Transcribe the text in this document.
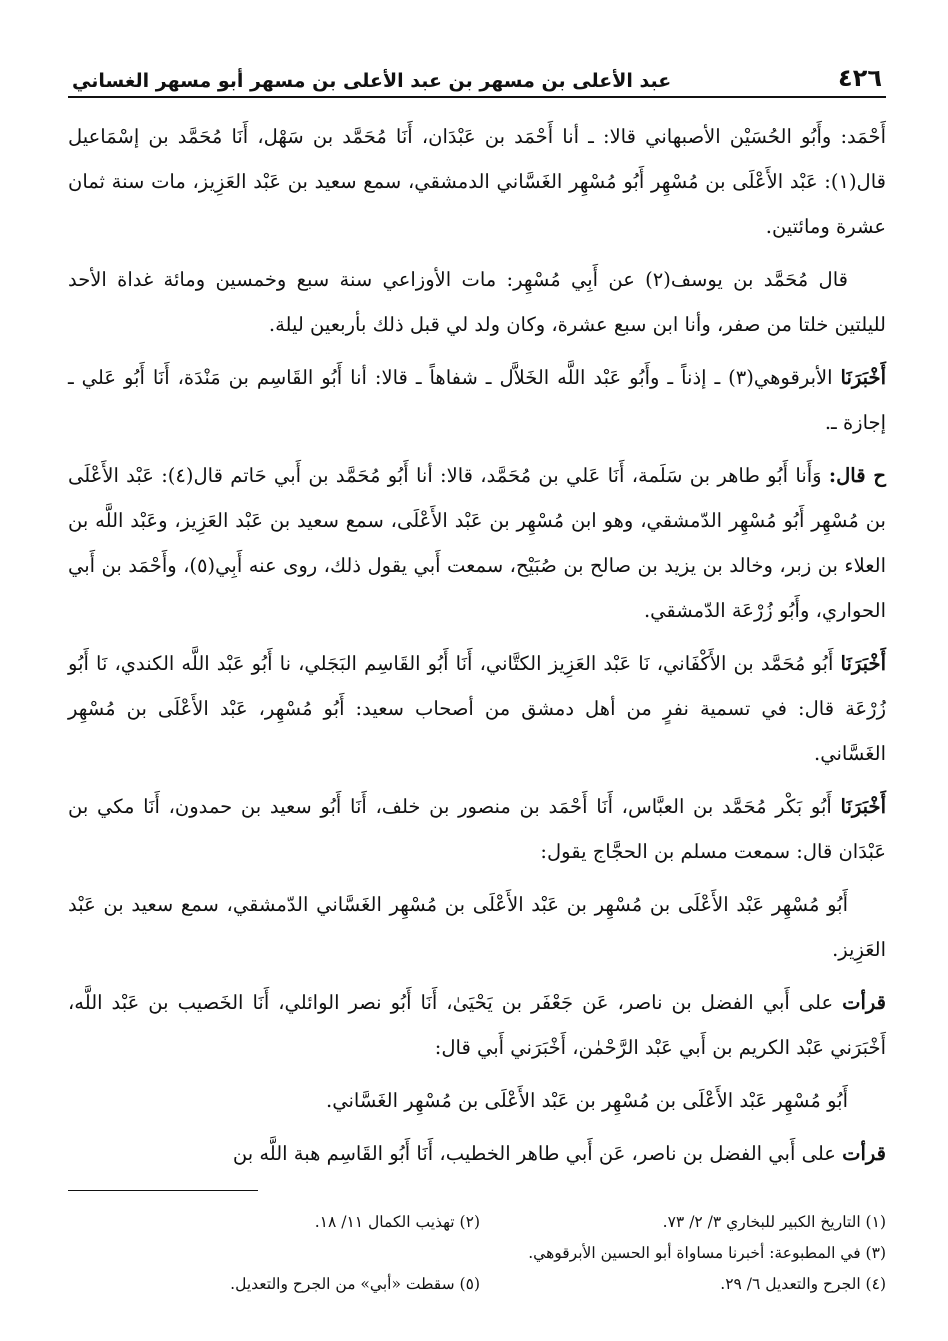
٤٢٦
عبد الأعلى بن مسهر بن عبد الأعلى بن مسهر أبو مسهر الغساني

أَحْمَد: وأَبُو الحُسَيْن الأصبهاني قالا: ـ أنا أَحْمَد بن عَبْدَان، أَنَا مُحَمَّد بن سَهْل، أَنَا مُحَمَّد بن إسْمَاعيل قال(١): عَبْد الأَعْلَى بن مُسْهِر أَبُو مُسْهِر الغَسَّاني الدمشقي، سمع سعيد بن عَبْد العَزِيز، مات سنة ثمان عشرة ومائتين.

قال مُحَمَّد بن يوسف(٢) عن أَبِي مُسْهِر: مات الأوزاعي سنة سبع وخمسين ومائة غداة الأحد لليلتين خلتا من صفر، وأنا ابن سبع عشرة، وكان ولد لي قبل ذلك بأربعين ليلة.

أَخْبَرَنَا الأبرقوهي(٣) ـ إذناً ـ وأَبُو عَبْد اللَّه الخَلاَّل ـ شفاهاً ـ قالا: أنا أَبُو القَاسِم بن مَنْدَة، أَنَا أَبُو عَلي ـ إجازة ـ.

ح قال: وَأَنا أَبُو طاهر بن سَلَمة، أَنَا عَلي بن مُحَمَّد، قالا: أنا أَبُو مُحَمَّد بن أَبي حَاتم قال(٤): عَبْد الأَعْلَى بن مُسْهِر أَبُو مُسْهِر الدّمشقي، وهو ابن مُسْهِر بن عَبْد الأَعْلَى، سمع سعيد بن عَبْد العَزِيز، وعَبْد اللَّه بن العلاء بن زبر، وخالد بن يزيد بن صالح بن صُبَيْح، سمعت أَبي يقول ذلك، روى عنه أَبِي(٥)، وأَحْمَد بن أَبي الحواري، وأَبُو زُرْعَة الدّمشقي.

أَخْبَرَنَا أَبُو مُحَمَّد بن الأَكْفَاني، نَا عَبْد العَزِيز الكتَّاني، أَنَا أَبُو القَاسِم البَجَلي، نا أَبُو عَبْد اللَّه الكندي، نَا أَبُو زُرْعَة قال: في تسمية نفرٍ من أهل دمشق من أصحاب سعيد: أَبُو مُسْهِر، عَبْد الأَعْلَى بن مُسْهِر الغَسَّاني.

أَخْبَرَنَا أَبُو بَكْر مُحَمَّد بن العبَّاس، أَنَا أَحْمَد بن منصور بن خلف، أَنَا أَبُو سعيد بن حمدون، أَنَا مكي بن عَبْدَان قال: سمعت مسلم بن الحجَّاج يقول:

أَبُو مُسْهِر عَبْد الأَعْلَى بن مُسْهِر بن عَبْد الأَعْلَى بن مُسْهِر الغَسَّاني الدّمشقي، سمع سعيد بن عَبْد العَزِيز.

قرأت على أَبي الفضل بن ناصر، عَن جَعْفَر بن يَحْيَىٰ، أَنَا أَبُو نصر الوائلي، أَنَا الخَصيب بن عَبْد اللَّه، أَخْبَرَني عَبْد الكريم بن أَبي عَبْد الرَّحْمٰن، أَخْبَرَني أَبي قال:

أَبُو مُسْهِر عَبْد الأَعْلَى بن مُسْهِر بن عَبْد الأَعْلَى بن مُسْهِر الغَسَّاني.

قرأت على أَبي الفضل بن ناصر، عَن أَبي طاهر الخطيب، أَنَا أَبُو القَاسِم هبة اللَّه بن

(١) التاريخ الكبير للبخاري ٣/ ٢/ ٧٣.
(٢) تهذيب الكمال ١١/ ١٨.
(٣) في المطبوعة: أخبرنا مساواة أبو الحسين الأبرقوهي.
(٤) الجرح والتعديل ٦/ ٢٩.
(٥) سقطت «أبي» من الجرح والتعديل.
